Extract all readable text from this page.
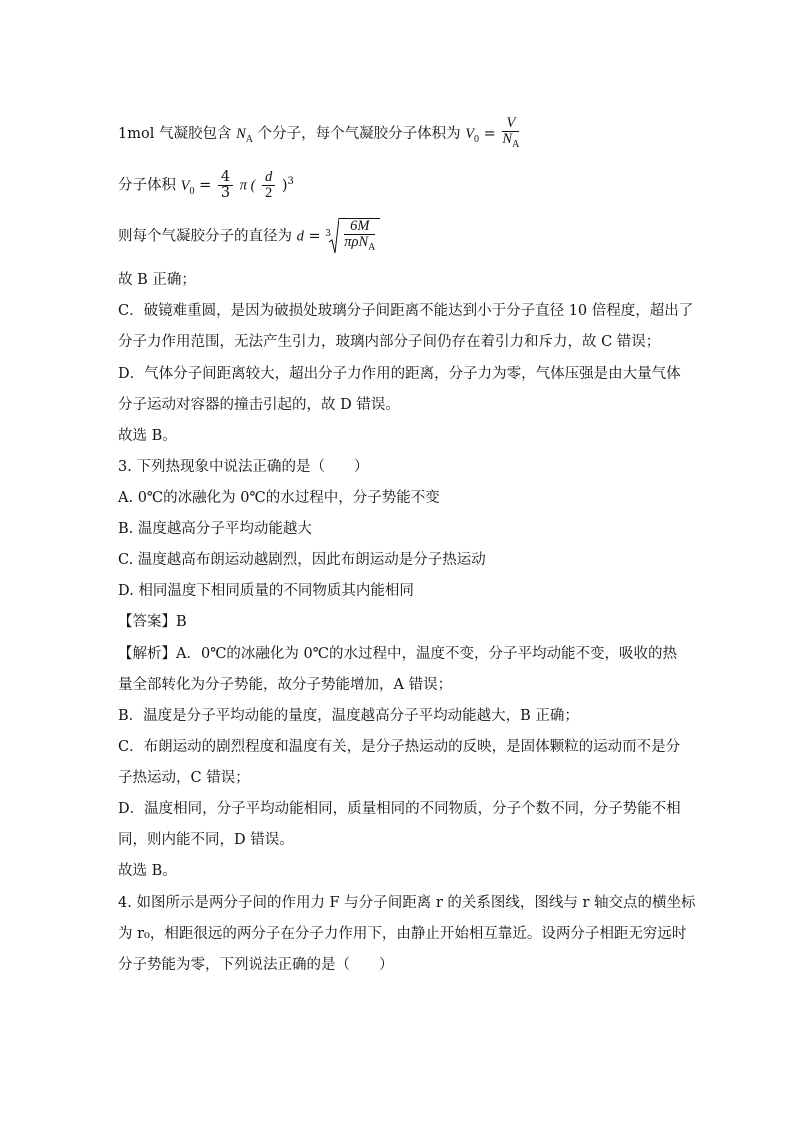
1mol 气凝胶包含 $N_A$ 个分子，每个气凝胶分子体积为 $V_0 = \frac{V}{N_A}$
分子体积 $V_0 = \frac{4}{3}$ π ( $\frac{d}{2} )^3$
则每个气凝胶分子的直径为 $d = 3 \frac{6M}{\pi\rho N_A}$
故 B 正确；
C．破镜难重圆，是因为破损处玻璃分子间距离不能达到小于分子直径 10 倍程度，超出了
分子力作用范围，无法产生引力，玻璃内部分子间仍存在着引力和斥力，故 C 错误；
D．气体分子间距离较大，超出分子力作用的距离，分子力为零，气体压强是由大量气体
分子运动对容器的撞击引起的，故 D 错误。
故选 B。
3. 下列热现象中说法正确的是（　　）
A. 0℃的冰融化为 0℃的水过程中，分子势能不变
B. 温度越高分子平均动能越大
C. 温度越高布朗运动越剧烈，因此布朗运动是分子热运动
D. 相同温度下相同质量的不同物质其内能相同
【答案】B
【解析】A．0℃的冰融化为 0℃的水过程中，温度不变，分子平均动能不变，吸收的热
量全部转化为分子势能，故分子势能增加，A 错误；
B．温度是分子平均动能的量度，温度越高分子平均动能越大，B 正确；
C．布朗运动的剧烈程度和温度有关，是分子热运动的反映，是固体颗粒的运动而不是分
子热运动，C 错误；
D．温度相同，分子平均动能相同，质量相同的不同物质，分子个数不同，分子势能不相
同，则内能不同，D 错误。
故选 B。
4. 如图所示是两分子间的作用力 F 与分子间距离 r 的关系图线，图线与 r 轴交点的横坐标
为 r₀，相距很远的两分子在分子力作用下，由静止开始相互靠近。设两分子相距无穷远时
分子势能为零，下列说法正确的是（　　）
